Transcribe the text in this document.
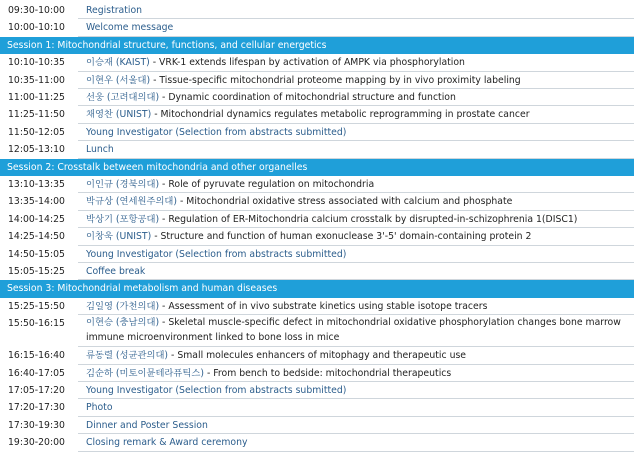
09:30-10:00 Registration
10:00-10:10 Welcome message
Session 1: Mitochondrial structure, functions, and cellular energetics
10:10-10:35 이승재 (KAIST) - VRK-1 extends lifespan by activation of AMPK via phosphorylation
10:35-11:00 이현우 (서울대) - Tissue-specific mitochondrial proteome mapping by in vivo proximity labeling
11:00-11:25 선웅 (고려대의대) - Dynamic coordination of mitochondrial structure and function
11:25-11:50 채영찬 (UNIST) - Mitochondrial dynamics regulates metabolic reprogramming in prostate cancer
11:50-12:05 Young Investigator (Selection from abstracts submitted)
12:05-13:10 Lunch
Session 2: Crosstalk between mitochondria and other organelles
13:10-13:35 이인규 (경북의대) - Role of pyruvate regulation on mitochondria
13:35-14:00 박규상 (연세원주의대) - Mitochondrial oxidative stress associated with calcium and phosphate
14:00-14:25 박상기 (포항공대) - Regulation of ER-Mitochondria calcium crosstalk by disrupted-in-schizophrenia 1(DISC1)
14:25-14:50 이창욱 (UNIST) - Structure and function of human exonuclease 3'-5' domain-containing protein 2
14:50-15:05 Young Investigator (Selection from abstracts submitted)
15:05-15:25 Coffee break
Session 3: Mitochondrial metabolism and human diseases
15:25-15:50 김일영 (가천의대) - Assessment of in vivo substrate kinetics using stable isotope tracers
15:50-16:15 이현승 (충남의대) - Skeletal muscle-specific defect in mitochondrial oxidative phosphorylation changes bone marrow immune microenvironment linked to bone loss in mice
16:15-16:40 류동렬 (성균관의대) - Small molecules enhancers of mitophagy and therapeutic use
16:40-17:05 김순하 (미토이뮨테라퓨틱스) - From bench to bedside: mitochondrial therapeutics
17:05-17:20 Young Investigator (Selection from abstracts submitted)
17:20-17:30 Photo
17:30-19:30 Dinner and Poster Session
19:30-20:00 Closing remark & Award ceremony
